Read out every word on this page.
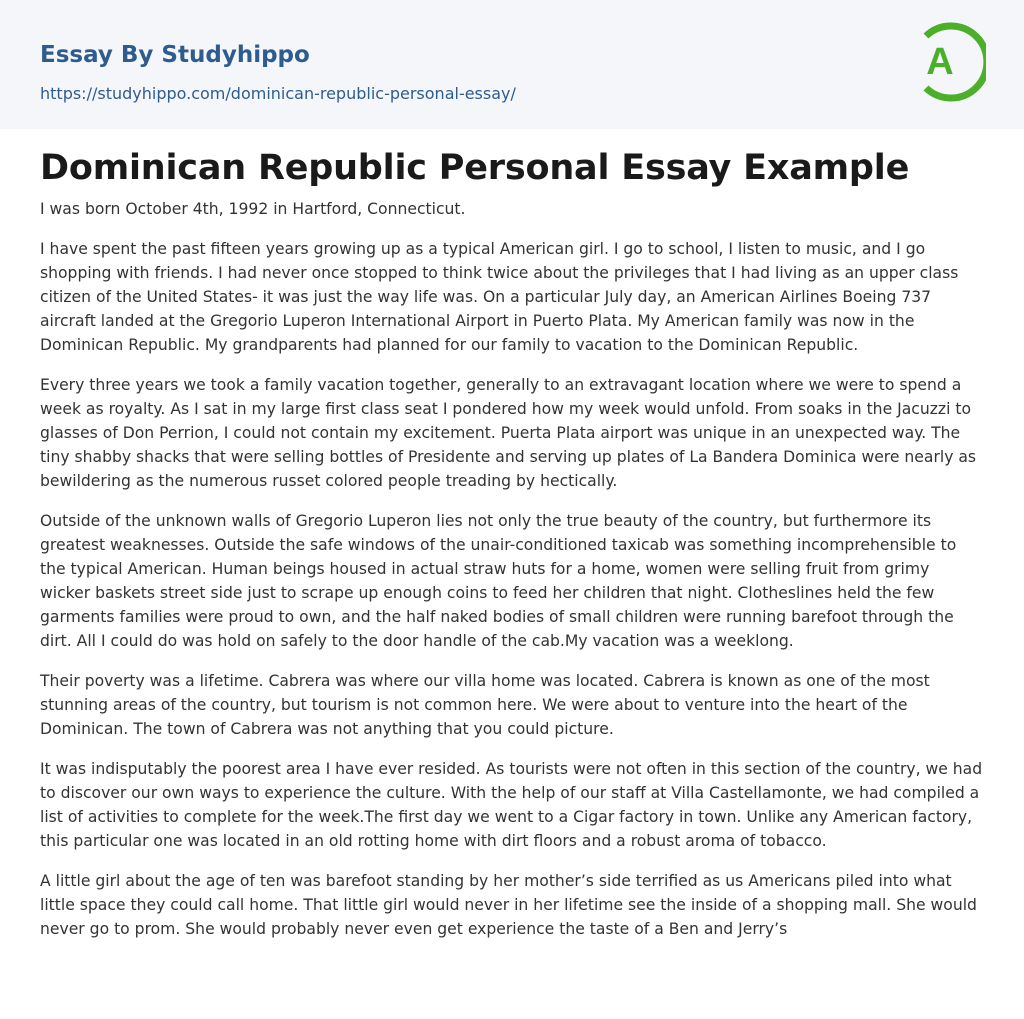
Essay By Studyhippo
https://studyhippo.com/dominican-republic-personal-essay/
A
Dominican Republic Personal Essay Example

I was born October 4th, 1992 in Hartford, Connecticut.

I have spent the past fifteen years growing up as a typical American girl. I go to school, I listen to music, and I go shopping with friends. I had never once stopped to think twice about the privileges that I had living as an upper class citizen of the United States- it was just the way life was. On a particular July day, an American Airlines Boeing 737 aircraft landed at the Gregorio Luperon International Airport in Puerto Plata. My American family was now in the Dominican Republic. My grandparents had planned for our family to vacation to the Dominican Republic.

Every three years we took a family vacation together, generally to an extravagant location where we were to spend a week as royalty. As I sat in my large first class seat I pondered how my week would unfold. From soaks in the Jacuzzi to glasses of Don Perrion, I could not contain my excitement. Puerta Plata airport was unique in an unexpected way. The tiny shabby shacks that were selling bottles of Presidente and serving up plates of La Bandera Dominica were nearly as bewildering as the numerous russet colored people treading by hectically.

Outside of the unknown walls of Gregorio Luperon lies not only the true beauty of the country, but furthermore its greatest weaknesses. Outside the safe windows of the unair-conditioned taxicab was something incomprehensible to the typical American. Human beings housed in actual straw huts for a home, women were selling fruit from grimy wicker baskets street side just to scrape up enough coins to feed her children that night. Clotheslines held the few garments families were proud to own, and the half naked bodies of small children were running barefoot through the dirt. All I could do was hold on safely to the door handle of the cab.My vacation was a weeklong.

Their poverty was a lifetime. Cabrera was where our villa home was located. Cabrera is known as one of the most stunning areas of the country, but tourism is not common here. We were about to venture into the heart of the Dominican. The town of Cabrera was not anything that you could picture.

It was indisputably the poorest area I have ever resided. As tourists were not often in this section of the country, we had to discover our own ways to experience the culture. With the help of our staff at Villa Castellamonte, we had compiled a list of activities to complete for the week.The first day we went to a Cigar factory in town. Unlike any American factory, this particular one was located in an old rotting home with dirt floors and a robust aroma of tobacco.

A little girl about the age of ten was barefoot standing by her mother’s side terrified as us Americans piled into what little space they could call home. That little girl would never in her lifetime see the inside of a shopping mall. She would never go to prom. She would probably never even get experience the taste of a Ben and Jerry’s
